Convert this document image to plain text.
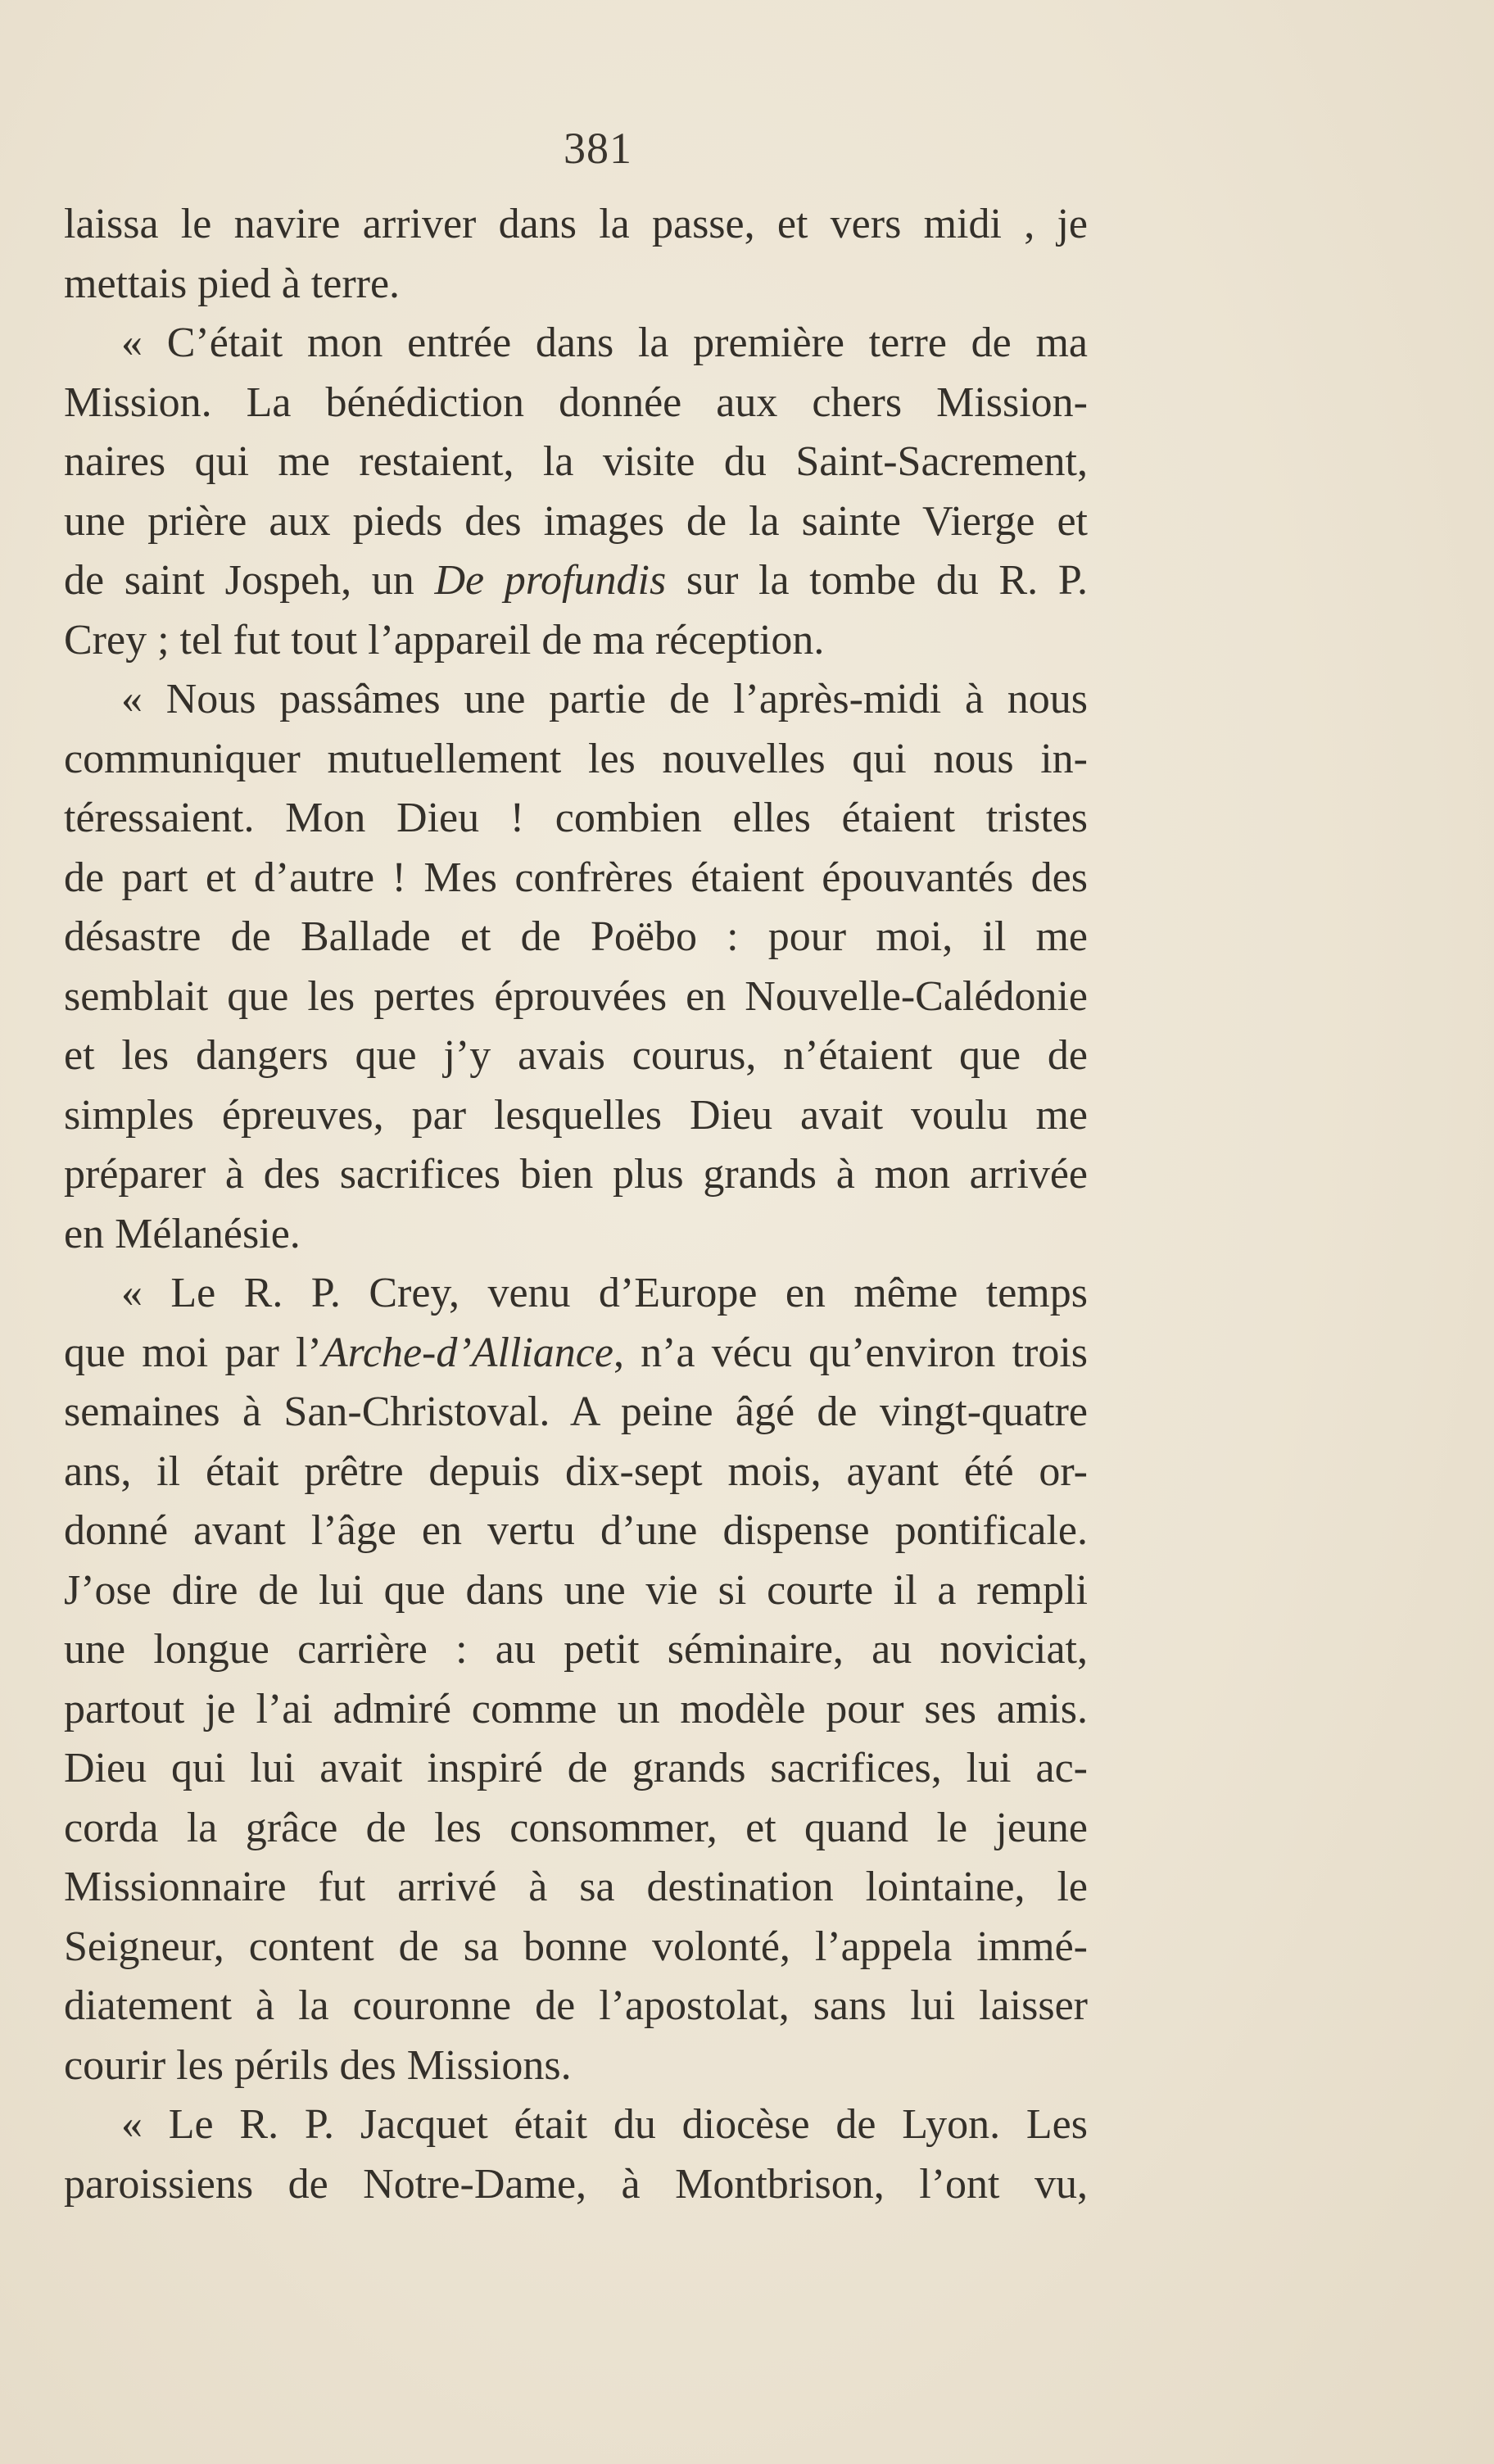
381
laissa le navire arriver dans la passe, et vers midi , je
mettais pied à terre.
« C’était mon entrée dans la première terre de ma
Mission. La bénédiction donnée aux chers Mission-
naires qui me restaient, la visite du Saint-Sacrement,
une prière aux pieds des images de la sainte Vierge et
de saint Jospeh, un De profundis sur la tombe du R. P.
Crey ; tel fut tout l’appareil de ma réception.
« Nous passâmes une partie de l’après-midi à nous
communiquer mutuellement les nouvelles qui nous in-
téressaient. Mon Dieu ! combien elles étaient tristes
de part et d’autre ! Mes confrères étaient épouvantés des
désastre de Ballade et de Poëbo : pour moi, il me
semblait que les pertes éprouvées en Nouvelle-Calédonie
et les dangers que j’y avais courus, n’étaient que de
simples épreuves, par lesquelles Dieu avait voulu me
préparer à des sacrifices bien plus grands à mon arrivée
en Mélanésie.
« Le R. P. Crey, venu d’Europe en même temps
que moi par l’Arche-d’Alliance, n’a vécu qu’environ trois
semaines à San-Christoval. A peine âgé de vingt-quatre
ans, il était prêtre depuis dix-sept mois, ayant été or-
donné avant l’âge en vertu d’une dispense pontificale.
J’ose dire de lui que dans une vie si courte il a rempli
une longue carrière : au petit séminaire, au noviciat,
partout je l’ai admiré comme un modèle pour ses amis.
Dieu qui lui avait inspiré de grands sacrifices, lui ac-
corda la grâce de les consommer, et quand le jeune
Missionnaire fut arrivé à sa destination lointaine, le
Seigneur, content de sa bonne volonté, l’appela immé-
diatement à la couronne de l’apostolat, sans lui laisser
courir les périls des Missions.
« Le R. P. Jacquet était du diocèse de Lyon. Les
paroissiens de Notre-Dame, à Montbrison, l’ont vu,
